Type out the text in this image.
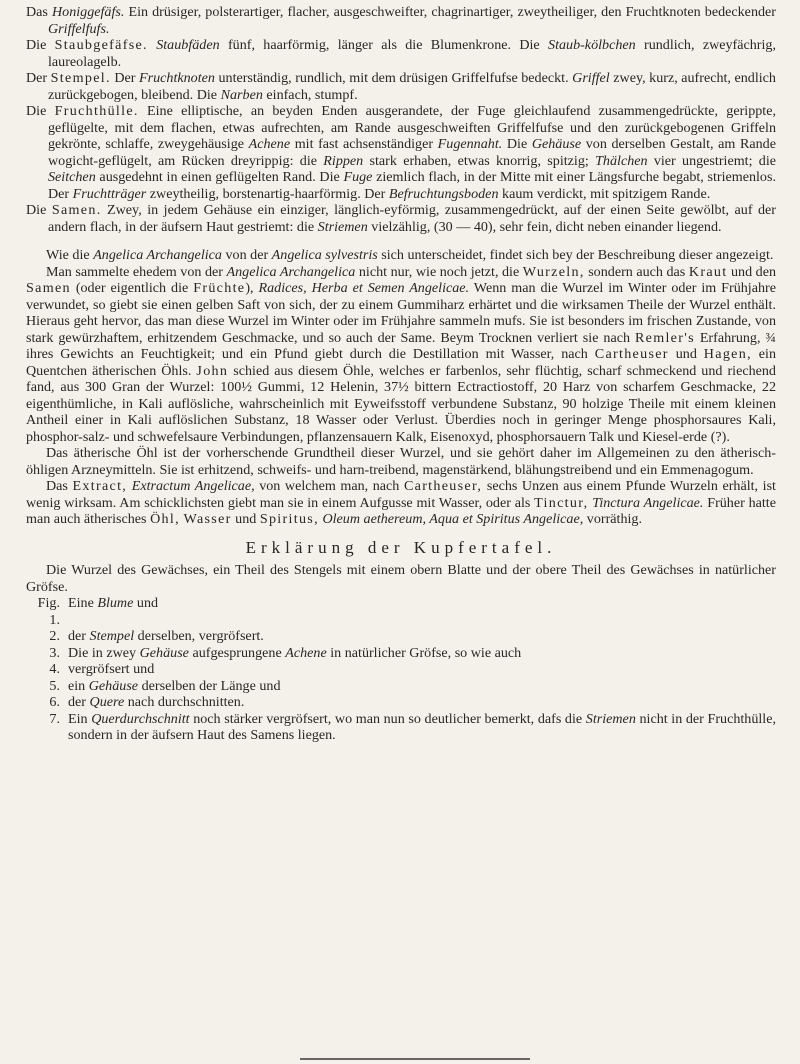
Das Honiggefäfs. Ein drüsiger, polsterartiger, flacher, ausgeschweifter, chagrinartiger, zweytheiliger, den Fruchtknoten bedeckender Griffelfufs.

Die Staubgefäfse. Staubfäden fünf, haarförmig, länger als die Blumenkrone. Die Staub-kölbchen rundlich, zweyfächrig, laureolagelb.

Der Stempel. Der Fruchtknoten unterständig, rundlich, mit dem drüsigen Griffelfufse bedeckt. Griffel zwey, kurz, aufrecht, endlich zurückgebogen, bleibend. Die Narben einfach, stumpf.

Die Fruchthülle. Eine elliptische, an beyden Enden ausgerandete, der Fuge gleichlaufend zusammengedrückte, gerippte, geflügelte, mit dem flachen, etwas aufrechten, am Rande ausgeschweiften Griffelfufse und den zurückgebogenen Griffeln gekrönte, schlaffe, zweygehäusige Achene mit fast achsenständiger Fugennaht. Die Gehäuse von derselben Gestalt, am Rande wogicht-geflügelt, am Rücken dreyrippig: die Rippen stark erhaben, etwas knorrig, spitzig; Thälchen vier ungestriemt; die Seitchen ausgedehnt in einen geflügelten Rand. Die Fuge ziemlich flach, in der Mitte mit einer Längsfurche begabt, striemenlos. Der Fruchtträger zweytheilig, borstenartig-haarförmig. Der Befruchtungsboden kaum verdickt, mit spitzigem Rande.

Die Samen. Zwey, in jedem Gehäuse ein einziger, länglich-eyförmig, zusammengedrückt, auf der einen Seite gewölbt, auf der andern flach, in der äufsern Haut gestriemt: die Striemen vielzählig, (30 — 40), sehr fein, dicht neben einander liegend.

Wie die Angelica Archangelica von der Angelica sylvestris sich unterscheidet, findet sich bey der Beschreibung dieser angezeigt.

Man sammelte ehedem von der Angelica Archangelica nicht nur, wie noch jetzt, die Wurzeln, sondern auch das Kraut und den Samen (oder eigentlich die Früchte), Radices, Herba et Semen Angelicae. Wenn man die Wurzel im Winter oder im Frühjahre verwundet, so giebt sie einen gelben Saft von sich, der zu einem Gummiharz erhärtet und die wirksamen Theile der Wurzel enthält. Hieraus geht hervor, das man diese Wurzel im Winter oder im Frühjahre sammeln mufs. Sie ist besonders im frischen Zustande, von stark gewürzhaftem, erhitzendem Geschmacke, und so auch der Same. Beym Trocknen verliert sie nach Remler's Erfahrung, ¾ ihres Gewichts an Feuchtigkeit; und ein Pfund giebt durch die Destillation mit Wasser, nach Cartheuser und Hagen, ein Quentchen ätherischen Öhls. John schied aus diesem Öhle, welches er farbenlos, sehr flüchtig, scharf schmeckend und riechend fand, aus 300 Gran der Wurzel: 100½ Gummi, 12 Helenin, 37½ bittern Ectractiostoff, 20 Harz von scharfem Geschmacke, 22 eigenthümliche, in Kali auflösliche, wahrscheinlich mit Eyweifsstoff verbundene Substanz, 90 holzige Theile mit einem kleinen Antheil einer in Kali auflöslichen Substanz, 18 Wasser oder Verlust. Überdies noch in geringer Menge phosphorsaures Kali, phosphor-salz- und schwefelsaure Verbindungen, pflanzensauern Kalk, Eisenoxyd, phosphorsauern Talk und Kiesel-erde (?).

Das ätherische Öhl ist der vorherschende Grundtheil dieser Wurzel, und sie gehört daher im Allgemeinen zu den ätherisch-öhligen Arzneymitteln. Sie ist erhitzend, schweifs- und harn-treibend, magenstärkend, blähungstreibend und ein Emmenagogum.

Das Extract, Extractum Angelicae, von welchem man, nach Cartheuser, sechs Unzen aus einem Pfunde Wurzeln erhält, ist wenig wirksam. Am schicklichsten giebt man sie in einem Aufgusse mit Wasser, oder als Tinctur, Tinctura Angelicae. Früher hatte man auch ätherisches Öhl, Wasser und Spiritus, Oleum aethereum, Aqua et Spiritus Angelicae, vorräthig.

Erklärung der Kupfertafel.

Die Wurzel des Gewächses, ein Theil des Stengels mit einem obern Blatte und der obere Theil des Gewächses in natürlicher Gröfse.

Fig. 1.
Eine Blume und
2. der Stempel derselben, vergröfsert.
3. Die in zwey Gehäuse aufgesprungene Achene in natürlicher Gröfse, so wie auch
4. vergröfsert und
5. ein Gehäuse derselben der Länge und
6. der Quere nach durchschnitten.
7. Ein Querdurchschnitt noch stärker vergröfsert, wo man nun so deutlicher bemerkt, dafs die Striemen nicht in der Fruchthülle, sondern in der äufsern Haut des Samens liegen.
